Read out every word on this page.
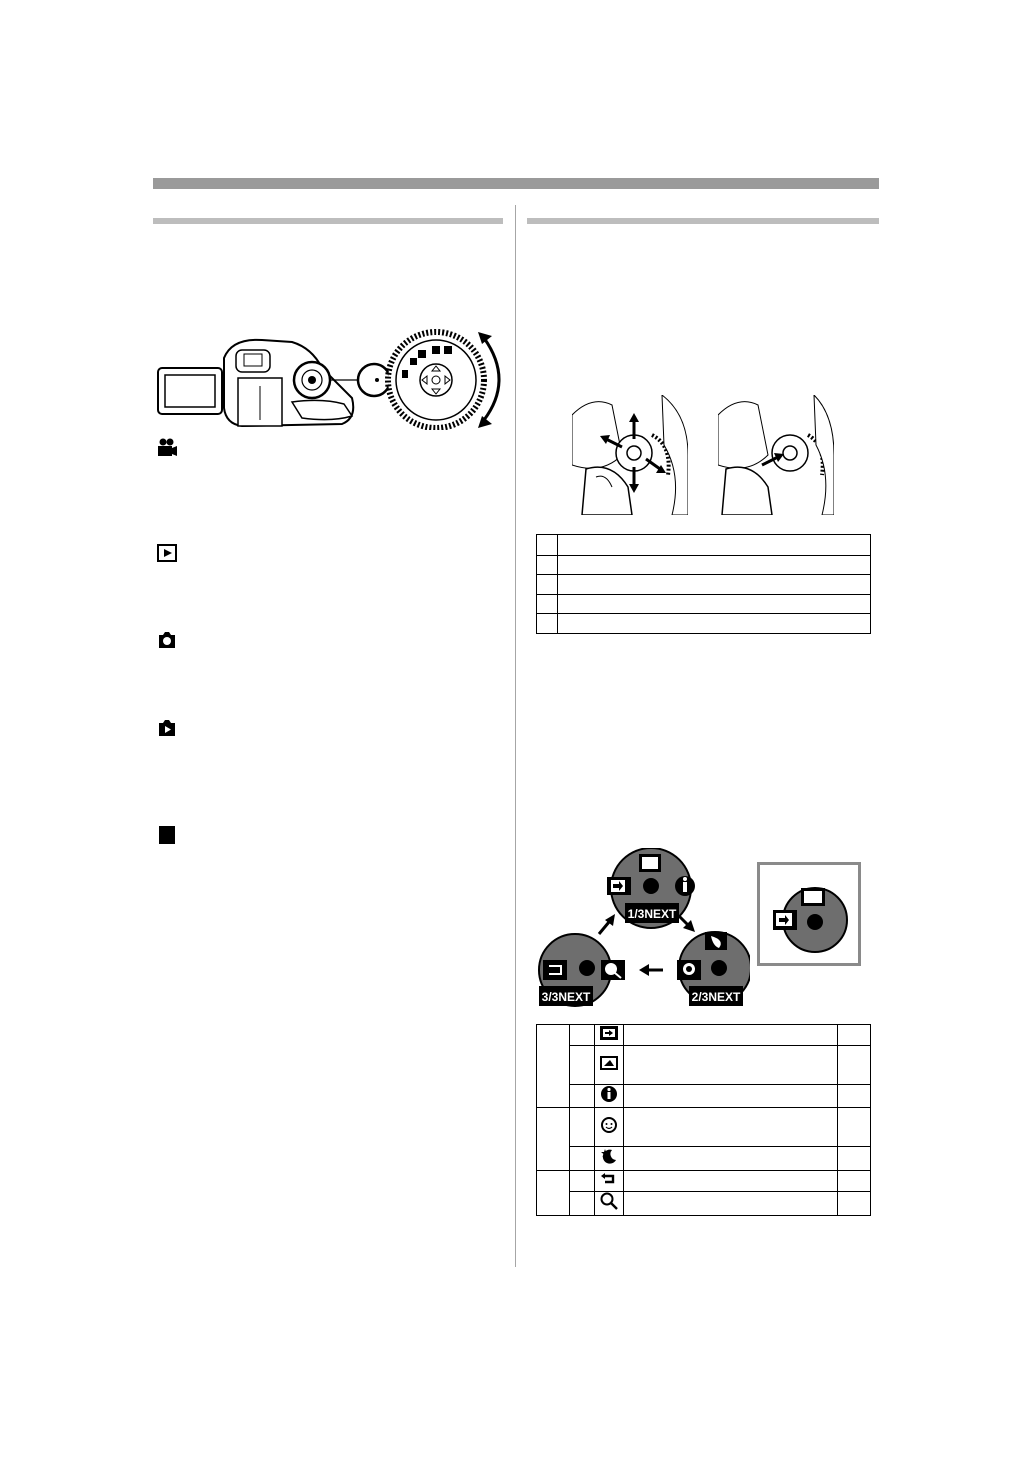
1/3NEXT
2/3NEXT
3/3NEXT
